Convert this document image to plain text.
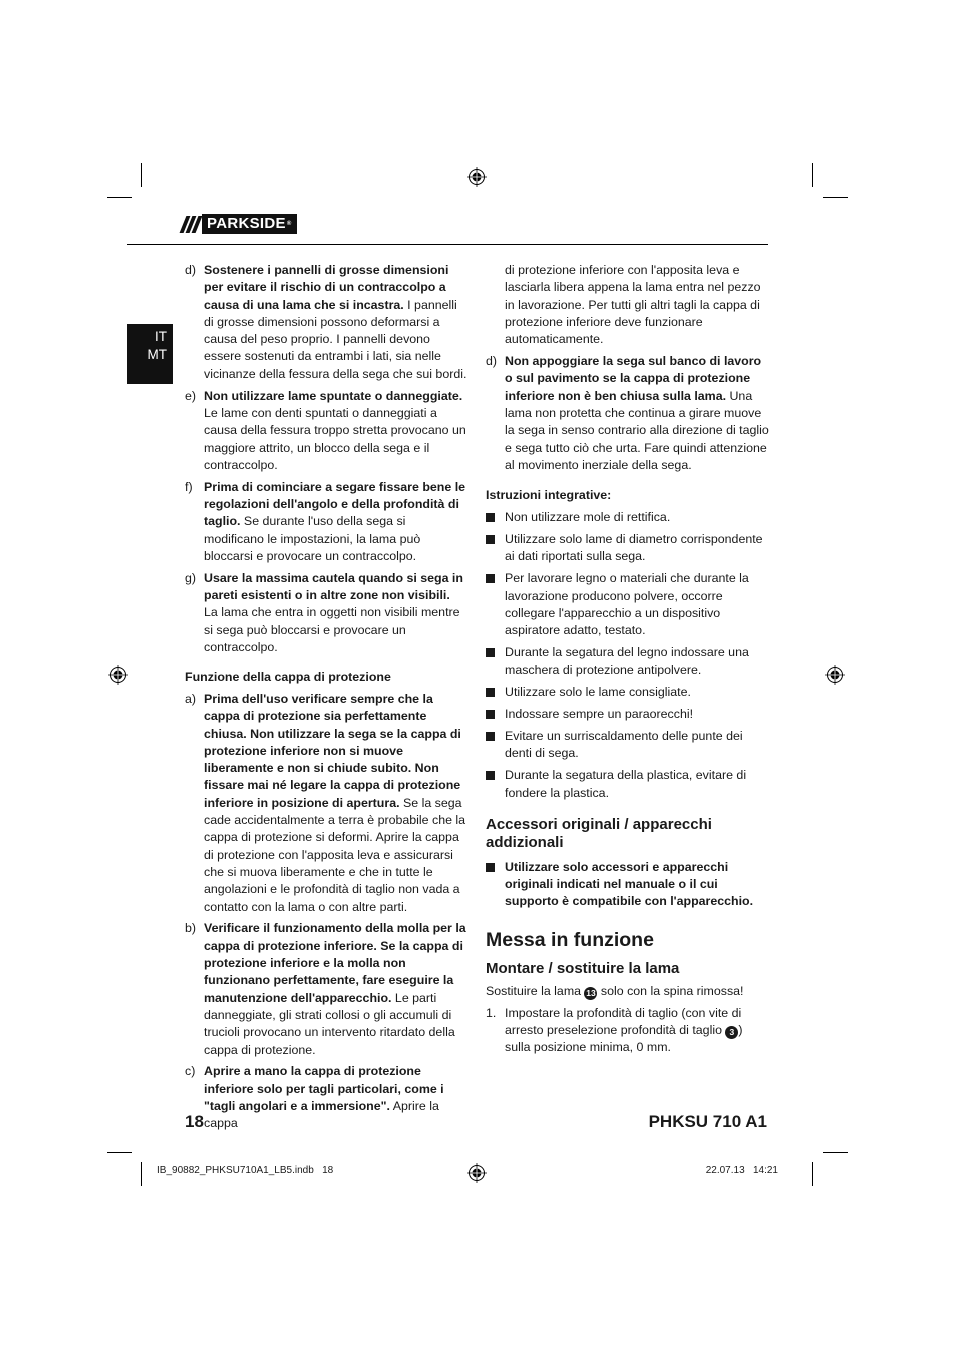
PARKSIDE®
IT
MT
d) Sostenere i pannelli di grosse dimensioni per evitare il rischio di un contraccolpo a causa di una lama che si incastra. I pannelli di grosse dimensioni possono deformarsi a causa del peso proprio. I pannelli devono essere sostenuti da entrambi i lati, sia nelle vicinanze della fessura della sega che sui bordi.
e) Non utilizzare lame spuntate o danneggiate. Le lame con denti spuntati o danneggiati a causa della fessura troppo stretta provocano un maggiore attrito, un blocco della sega e il contraccolpo.
f) Prima di cominciare a segare fissare bene le regolazioni dell'angolo e della profondità di taglio. Se durante l'uso della sega si modificano le impostazioni, la lama può bloccarsi e provocare un contraccolpo.
g) Usare la massima cautela quando si sega in pareti esistenti o in altre zone non visibili. La lama che entra in oggetti non visibili mentre si sega può bloccarsi e provocare un contraccolpo.
Funzione della cappa di protezione
a) Prima dell'uso verificare sempre che la cappa di protezione sia perfettamente chiusa. Non utilizzare la sega se la cappa di protezione inferiore non si muove liberamente e non si chiude subito. Non fissare mai né legare la cappa di protezione inferiore in posizione di apertura. Se la sega cade accidentalmente a terra è probabile che la cappa di protezione si deformi. Aprire la cappa di protezione con l'apposita leva e assicurarsi che si muova liberamente e che in tutte le angolazioni e le profondità di taglio non vada a contatto con la lama o con altre parti.
b) Verificare il funzionamento della molla per la cappa di protezione inferiore. Se la cappa di protezione inferiore e la molla non funzionano perfettamente, fare eseguire la manutenzione dell'apparecchio. Le parti danneggiate, gli strati collosi o gli accumuli di trucioli provocano un intervento ritardato della cappa di protezione.
c) Aprire a mano la cappa di protezione inferiore solo per tagli particolari, come i "tagli angolari e a immersione". Aprire la cappa
di protezione inferiore con l'apposita leva e lasciarla libera appena la lama entra nel pezzo in lavorazione. Per tutti gli altri tagli la cappa di protezione inferiore deve funzionare automaticamente.
d) Non appoggiare la sega sul banco di lavoro o sul pavimento se la cappa di protezione inferiore non è ben chiusa sulla lama. Una lama non protetta che continua a girare muove la sega in senso contrario alla direzione di taglio e sega tutto ciò che urta. Fare quindi attenzione al movimento inerziale della sega.
Istruzioni integrative:
Non utilizzare mole di rettifica.
Utilizzare solo lame di diametro corrispondente ai dati riportati sulla sega.
Per lavorare legno o materiali che durante la lavorazione producono polvere, occorre collegare l'apparecchio a un dispositivo aspiratore adatto, testato.
Durante la segatura del legno indossare una maschera di protezione antipolvere.
Utilizzare solo le lame consigliate.
Indossare sempre un paraorecchi!
Evitare un surriscaldamento delle punte dei denti di sega.
Durante la segatura della plastica, evitare di fondere la plastica.
Accessori originali / apparecchi addizionali
Utilizzare solo accessori e apparecchi originali indicati nel manuale o il cui supporto è compatibile con l'apparecchio.
Messa in funzione
Montare / sostituire la lama
Sostituire la lama 13 solo con la spina rimossa!
1. Impostare la profondità di taglio (con vite di arresto preselezione profondità di taglio 3 ) sulla posizione minima, 0 mm.
18	PHKSU 710 A1
IB_90882_PHKSU710A1_LB5.indb   18	22.07.13   14:21
